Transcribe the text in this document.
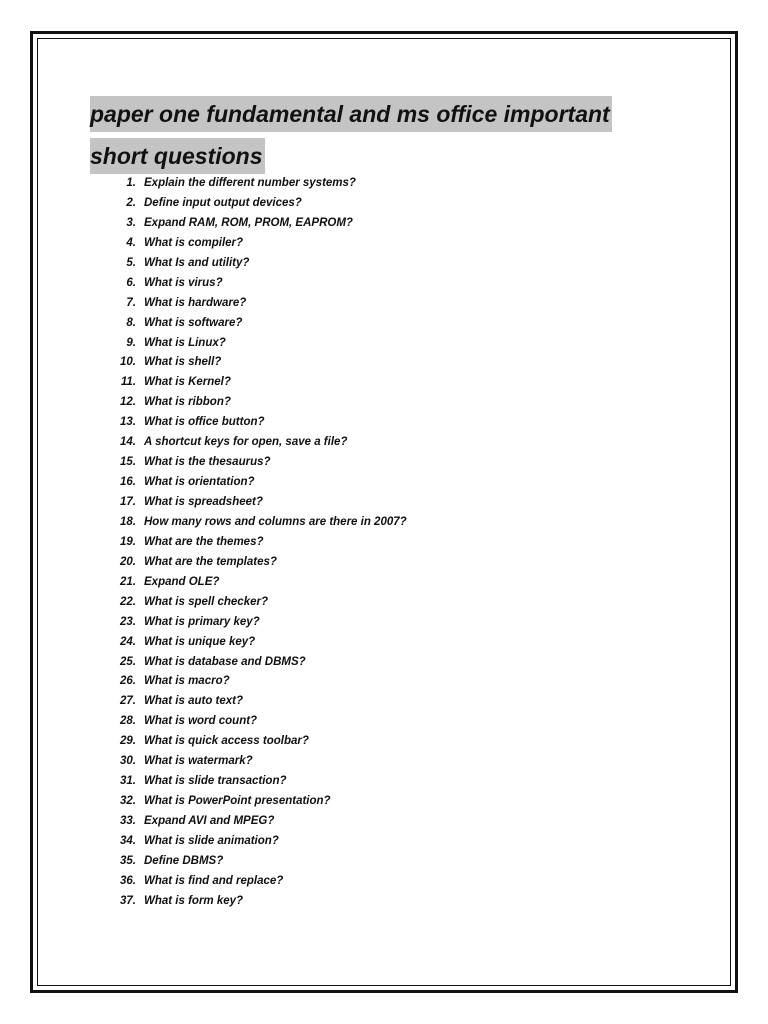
paper one fundamental and ms office important
short questions
1. Explain the different number systems?
2. Define input output devices?
3. Expand RAM, ROM, PROM, EAPROM?
4. What is compiler?
5. What Is and utility?
6. What is virus?
7. What is hardware?
8. What is software?
9. What is Linux?
10. What is shell?
11. What is Kernel?
12. What is ribbon?
13. What is office button?
14. A shortcut keys for open, save a file?
15. What is the thesaurus?
16. What is orientation?
17. What is spreadsheet?
18. How many rows and columns are there in 2007?
19. What are the themes?
20. What are the templates?
21. Expand OLE?
22. What is spell checker?
23. What is primary key?
24. What is unique key?
25. What is database and DBMS?
26. What is macro?
27. What is auto text?
28. What is word count?
29. What is quick access toolbar?
30. What is watermark?
31. What is slide transaction?
32. What is PowerPoint presentation?
33. Expand AVI and MPEG?
34. What is slide animation?
35. Define DBMS?
36. What is find and replace?
37. What is form key?
